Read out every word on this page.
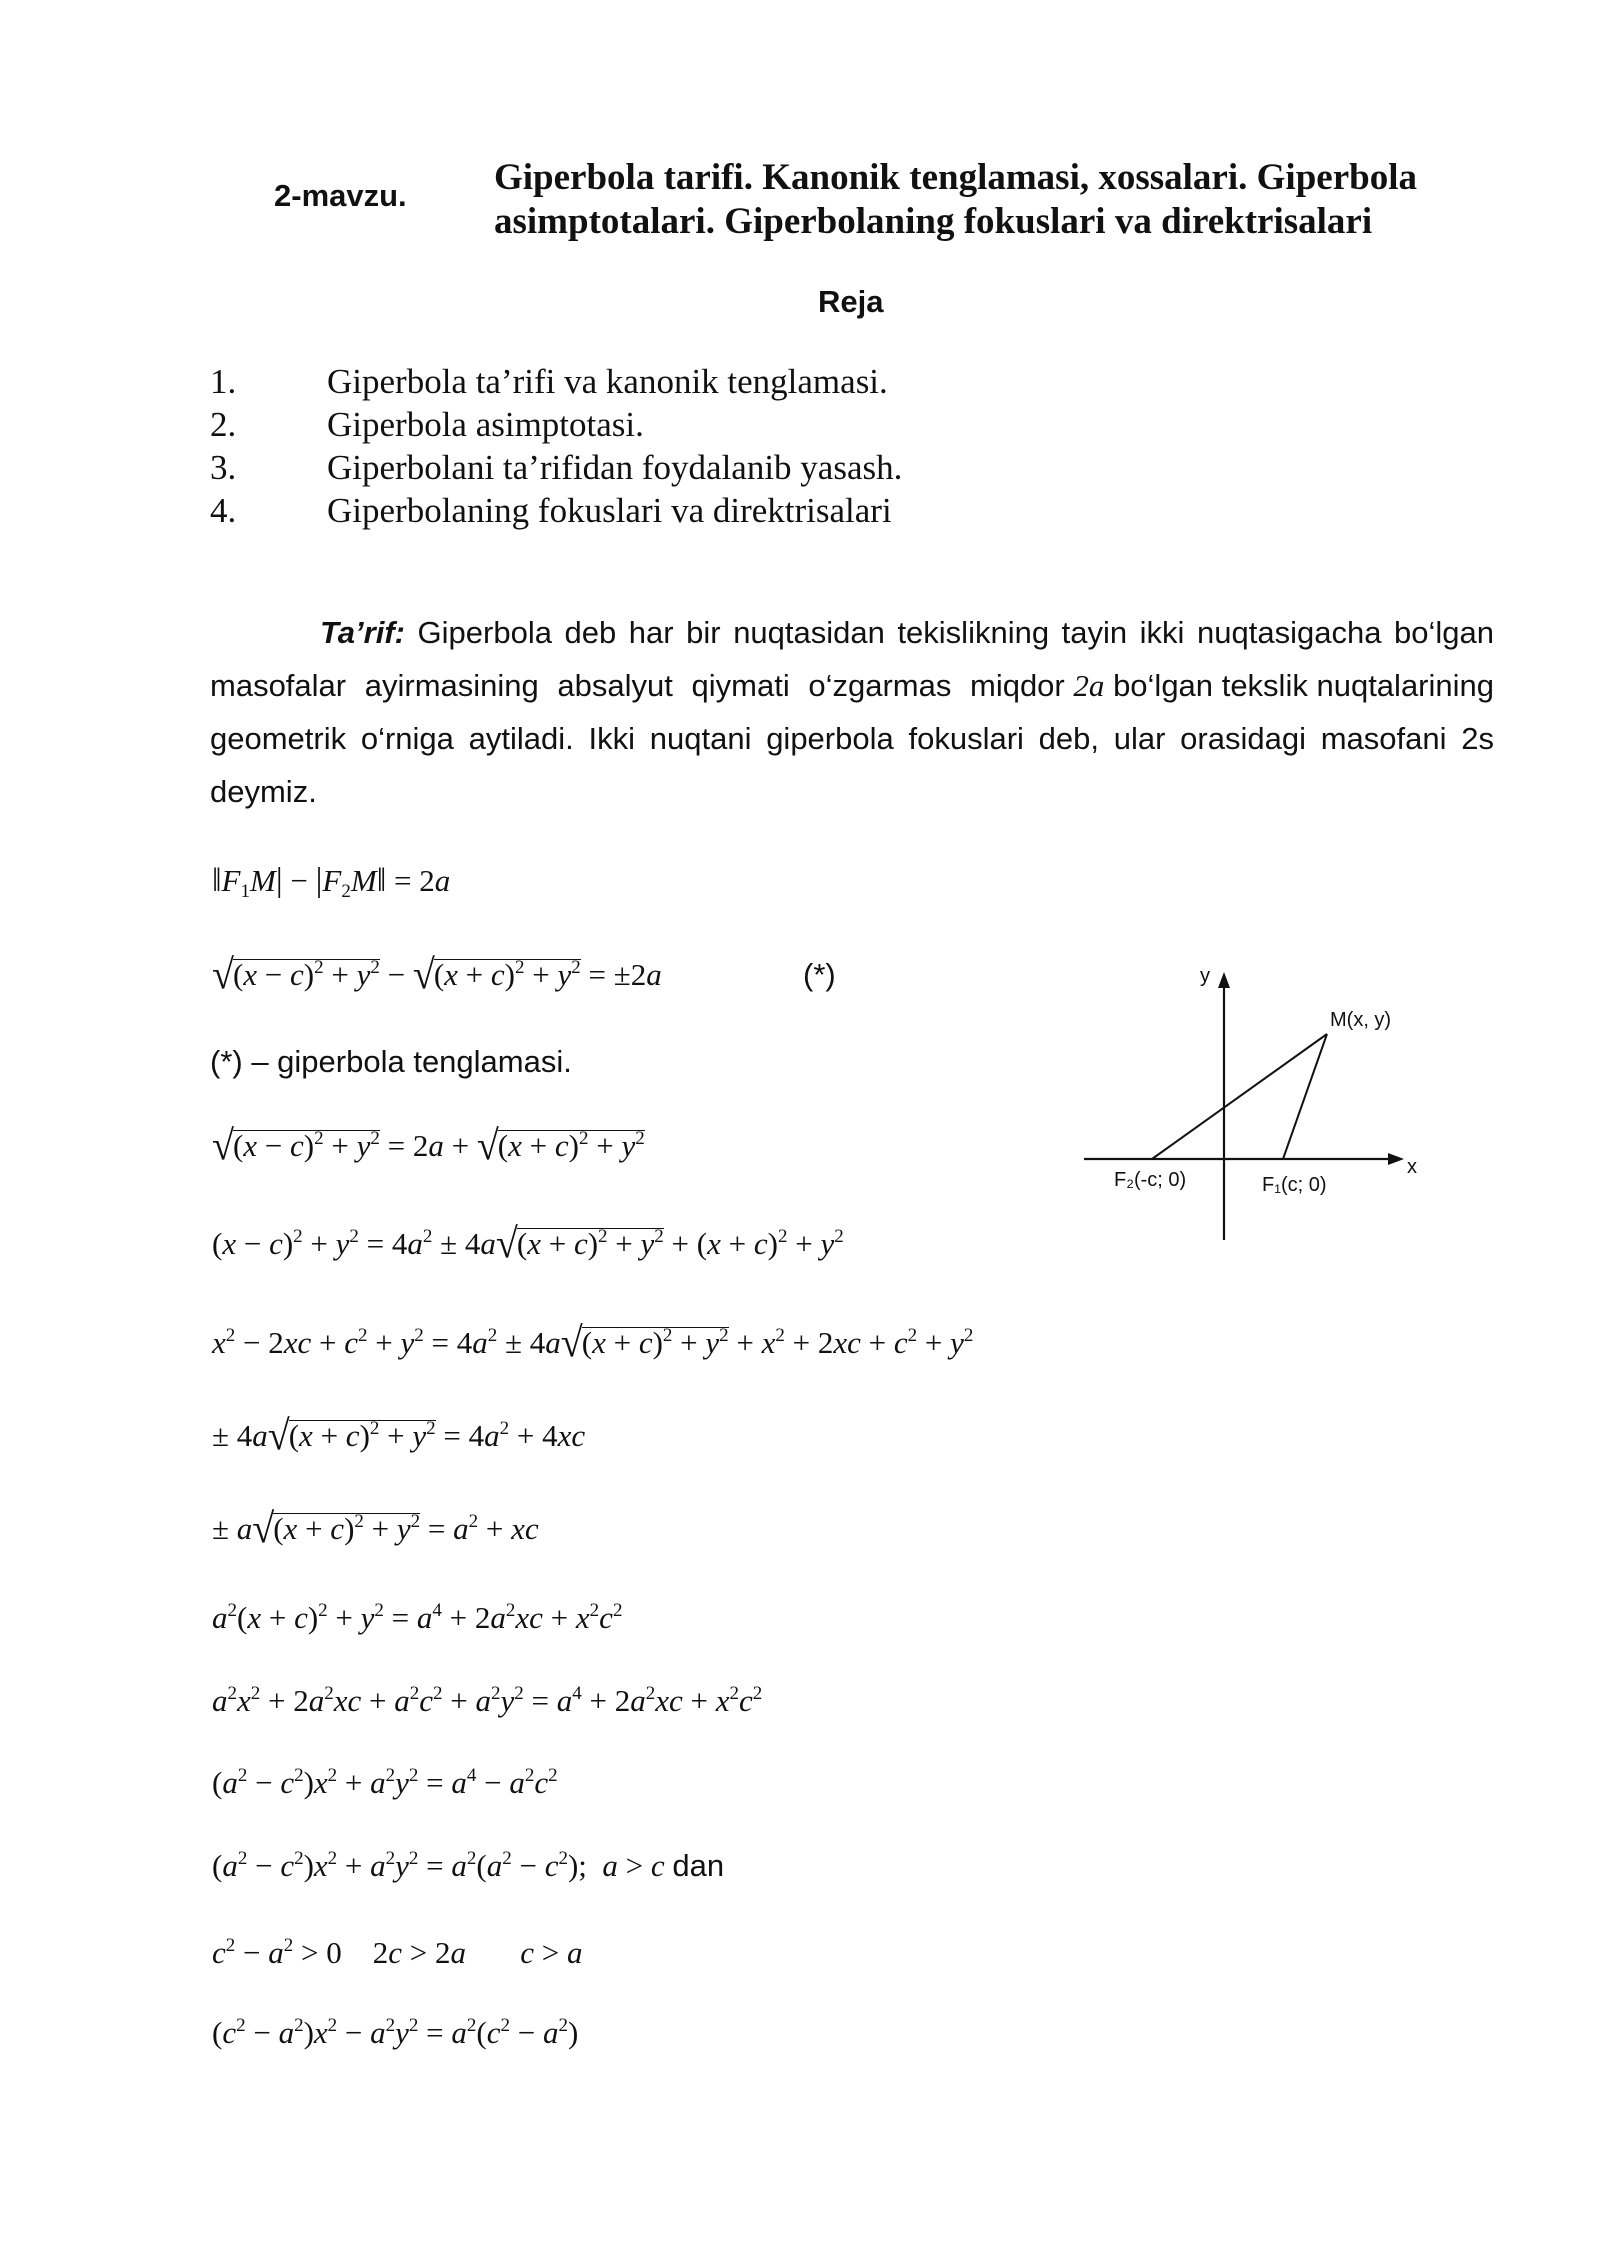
2-mavzu. Giperbola tarifi. Kanonik tenglamasi, xossalari. Giperbola asimptotalari. Giperbolaning fokuslari va direktrisalari
Reja
1.	Giperbola ta’rifi va kanonik tenglamasi.
2.	Giperbola asimptotasi.
3.	Giperbolani ta’rifidan foydalanib yasash.
4.	Giperbolaning fokuslari va direktrisalari
Ta’rif: Giperbola deb har bir nuqtasidan tekislikning tayin ikki nuqtasigacha bo‘lgan masofalar ayirmasining absalyut qiymati o‘zgarmas miqdor 2a bo‘lgan tekslik nuqtalarining geometrik o‘rniga aytiladi. Ikki nuqtani giperbola fokuslari deb, ular orasidagi masofani 2s deymiz.
$‖F_1M|$ − $|F_2M‖ = 2a$
$√(x - c)^2 + y^2 - √(x + c)^2 + y^2 = \pm 2a$	(*)
(*) – giperbola tenglamasi.
$√(x - c)^2 + y^2 = 2a + √(x + c)^2 + y^2$
$(x - c)^2 + y^2 = 4a^2 \pm 4a√(x + c)^2 + y^2 + (x + c)^2 + y^2$
$x^2 - 2xc + c^2 + y^2 = 4a^2 \pm 4a√(x + c)^2 + y^2 + x^2 + 2xc + c^2 + y^2$
± $4a√(x + c)^2 + y^2 = 4a^2 + 4xc$
± $a√(x + c)^2 + y^2 = a^2$ + xc
$a^2(x + c)^2 + y^2 = a^4 + 2a^2xc + x^2c^2$
$a^2x^2 + 2a^2xc + a^2c^2 + a^2y^2 = a^4 + 2a^2xc + x^2c^2$
$(a^2 - c^2)x^2 + a^2y^2 = a^4 - a^2c^2$
$(a^2 - c^2)x^2 + a^2y^2 = a^2(a^2 - c^2)$;  a > c dan
$c^2 - a^2 > 0$    2c > 2a c > a
$(c^2 - a^2)x^2 - a^2y^2 = a^2(c^2 - a^2)$
y
x
M(x, y)
F₂(-c; 0)	F₁(c; 0)
